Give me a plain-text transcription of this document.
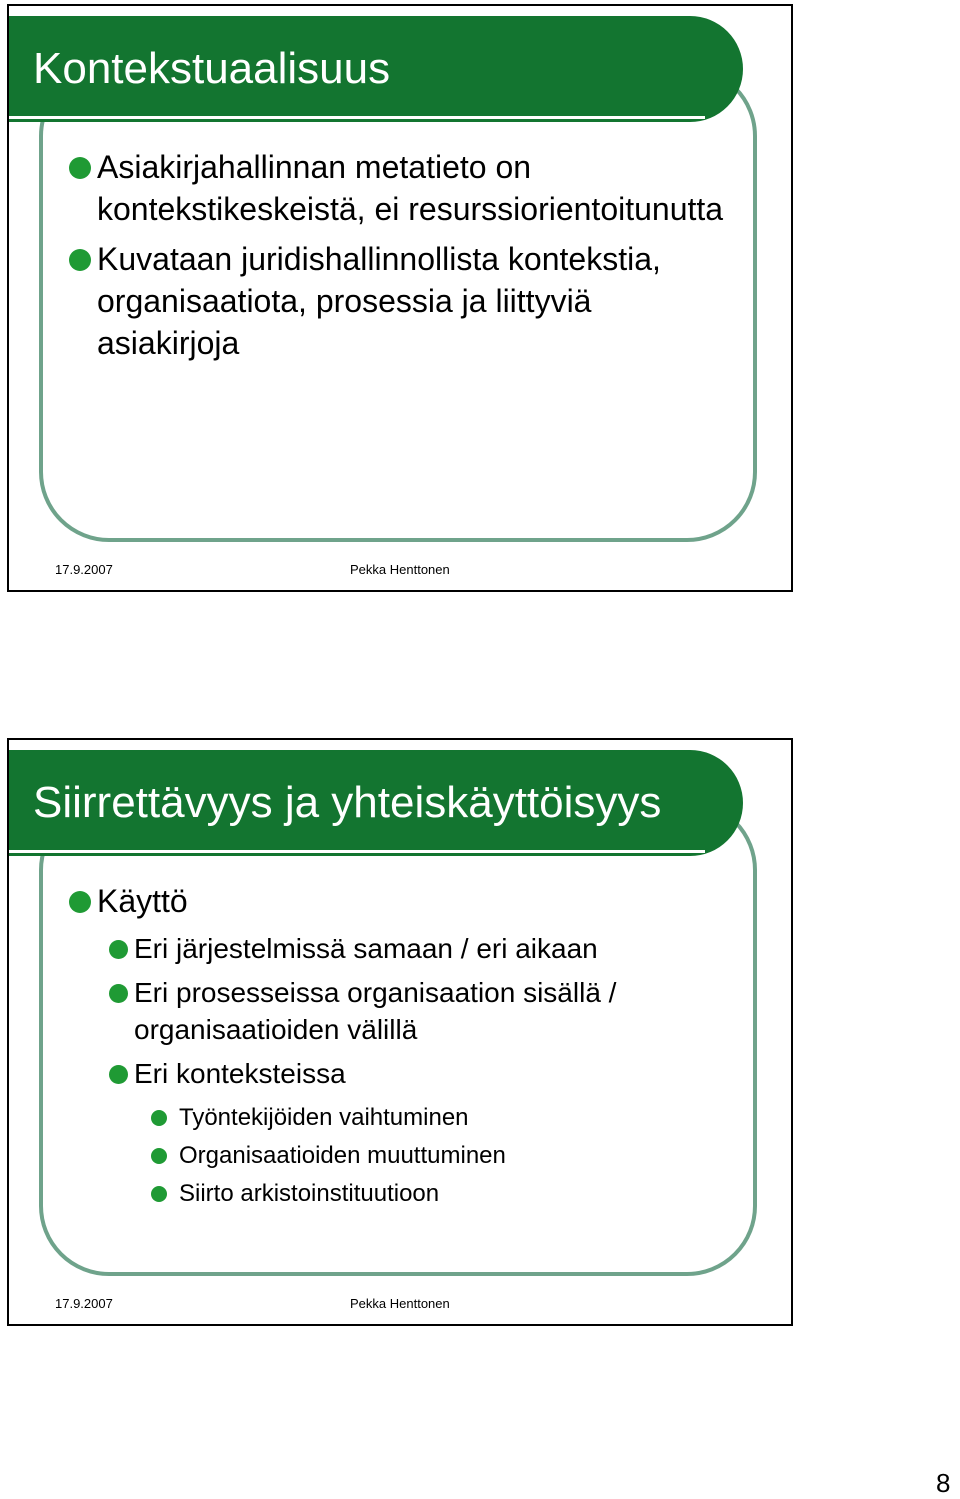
Kontekstuaalisuus
Asiakirjahallinnan metatieto on kontekstikeskeistä, ei resurssiorientoitunutta
Kuvataan juridishallinnollista kontekstia, organisaatiota, prosessia ja liittyviä asiakirjoja
17.9.2007	Pekka Henttonen
Siirrettävyys ja yhteiskäyttöisyys
Käyttö
Eri järjestelmissä samaan / eri aikaan
Eri prosesseissa organisaation sisällä / organisaatioiden välillä
Eri konteksteissa
Työntekijöiden vaihtuminen
Organisaatioiden muuttuminen
Siirto arkistoinstituutioon
17.9.2007	Pekka Henttonen
8
